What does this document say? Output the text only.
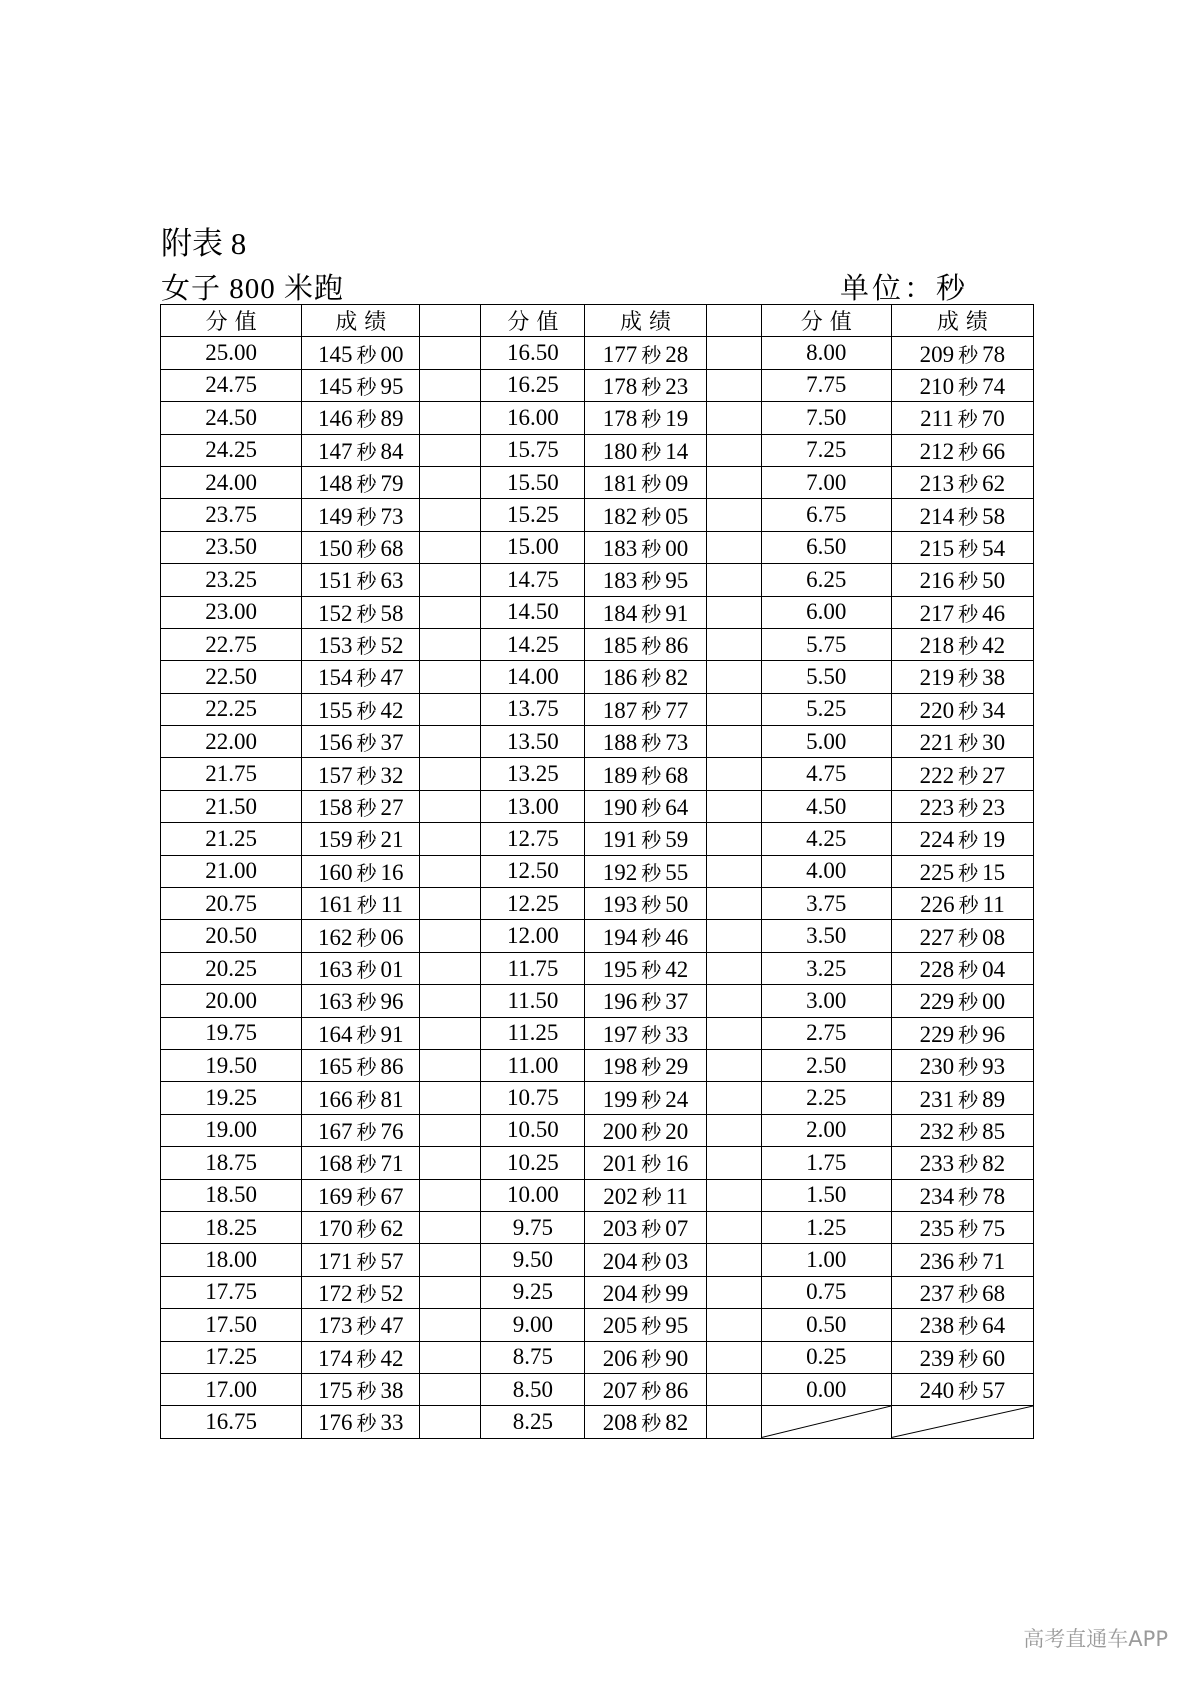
附表 8
女子 800 米跑	单位：秒
分 值	成 绩		分 值	成 绩		分 值	成 绩
25.00	145 秒 00		16.50	177 秒 28		8.00	209 秒 78
24.75	145 秒 95		16.25	178 秒 23		7.75	210 秒 74
24.50	146 秒 89		16.00	178 秒 19		7.50	211 秒 70
24.25	147 秒 84		15.75	180 秒 14		7.25	212 秒 66
24.00	148 秒 79		15.50	181 秒 09		7.00	213 秒 62
23.75	149 秒 73		15.25	182 秒 05		6.75	214 秒 58
23.50	150 秒 68		15.00	183 秒 00		6.50	215 秒 54
23.25	151 秒 63		14.75	183 秒 95		6.25	216 秒 50
23.00	152 秒 58		14.50	184 秒 91		6.00	217 秒 46
22.75	153 秒 52		14.25	185 秒 86		5.75	218 秒 42
22.50	154 秒 47		14.00	186 秒 82		5.50	219 秒 38
22.25	155 秒 42		13.75	187 秒 77		5.25	220 秒 34
22.00	156 秒 37		13.50	188 秒 73		5.00	221 秒 30
21.75	157 秒 32		13.25	189 秒 68		4.75	222 秒 27
21.50	158 秒 27		13.00	190 秒 64		4.50	223 秒 23
21.25	159 秒 21		12.75	191 秒 59		4.25	224 秒 19
21.00	160 秒 16		12.50	192 秒 55		4.00	225 秒 15
20.75	161 秒 11		12.25	193 秒 50		3.75	226 秒 11
20.50	162 秒 06		12.00	194 秒 46		3.50	227 秒 08
20.25	163 秒 01		11.75	195 秒 42		3.25	228 秒 04
20.00	163 秒 96		11.50	196 秒 37		3.00	229 秒 00
19.75	164 秒 91		11.25	197 秒 33		2.75	229 秒 96
19.50	165 秒 86		11.00	198 秒 29		2.50	230 秒 93
19.25	166 秒 81		10.75	199 秒 24		2.25	231 秒 89
19.00	167 秒 76		10.50	200 秒 20		2.00	232 秒 85
18.75	168 秒 71		10.25	201 秒 16		1.75	233 秒 82
18.50	169 秒 67		10.00	202 秒 11		1.50	234 秒 78
18.25	170 秒 62		9.75	203 秒 07		1.25	235 秒 75
18.00	171 秒 57		9.50	204 秒 03		1.00	236 秒 71
17.75	172 秒 52		9.25	204 秒 99		0.75	237 秒 68
17.50	173 秒 47		9.00	205 秒 95		0.50	238 秒 64
17.25	174 秒 42		8.75	206 秒 90		0.25	239 秒 60
17.00	175 秒 38		8.50	207 秒 86		0.00	240 秒 57
16.75	176 秒 33		8.25	208 秒 82		

高考直通车APP
